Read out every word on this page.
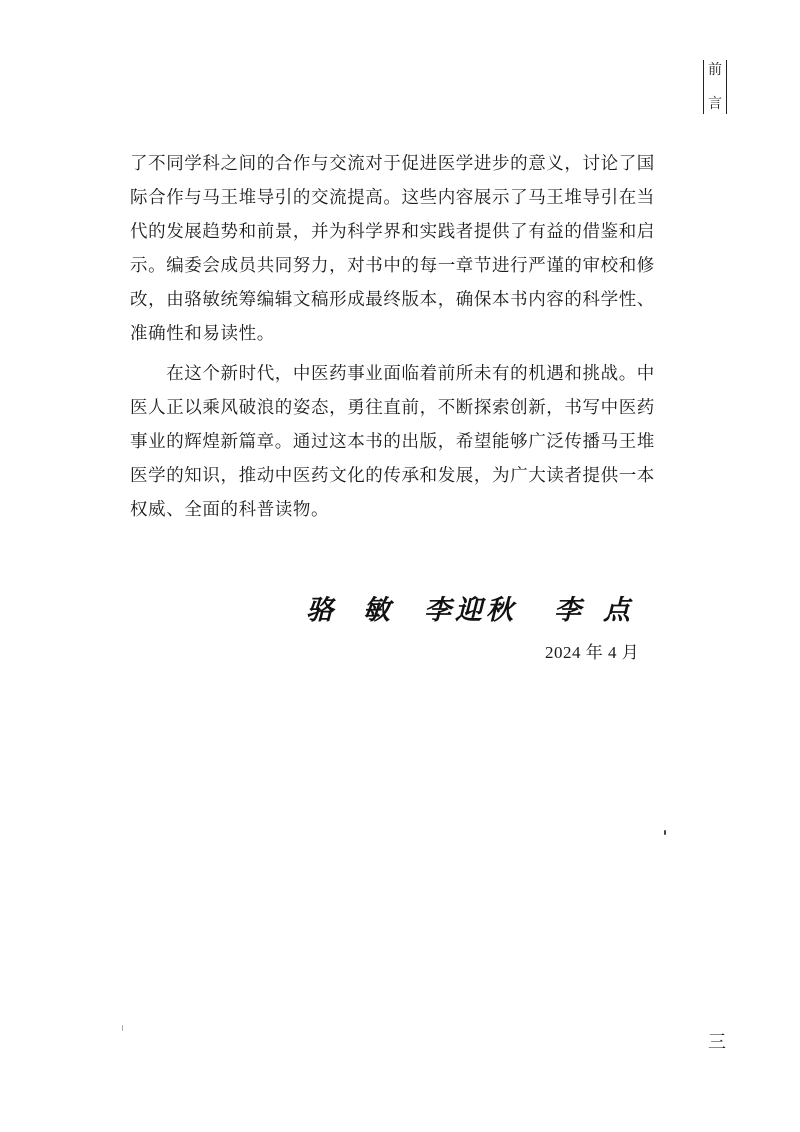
前
言
了不同学科之间的合作与交流对于促进医学进步的意义，讨论了国
际合作与马王堆导引的交流提高。这些内容展示了马王堆导引在当
代的发展趋势和前景，并为科学界和实践者提供了有益的借鉴和启
示。编委会成员共同努力，对书中的每一章节进行严谨的审校和修
改，由骆敏统筹编辑文稿形成最终版本，确保本书内容的科学性、
准确性和易读性。
　　在这个新时代，中医药事业面临着前所未有的机遇和挑战。中
医人正以乘风破浪的姿态，勇往直前，不断探索创新，书写中医药
事业的辉煌新篇章。通过这本书的出版，希望能够广泛传播马王堆
医学的知识，推动中医药文化的传承和发展，为广大读者提供一本
权威、全面的科普读物。
骆敏 李迎秋 李点
2024 年 4 月
三
